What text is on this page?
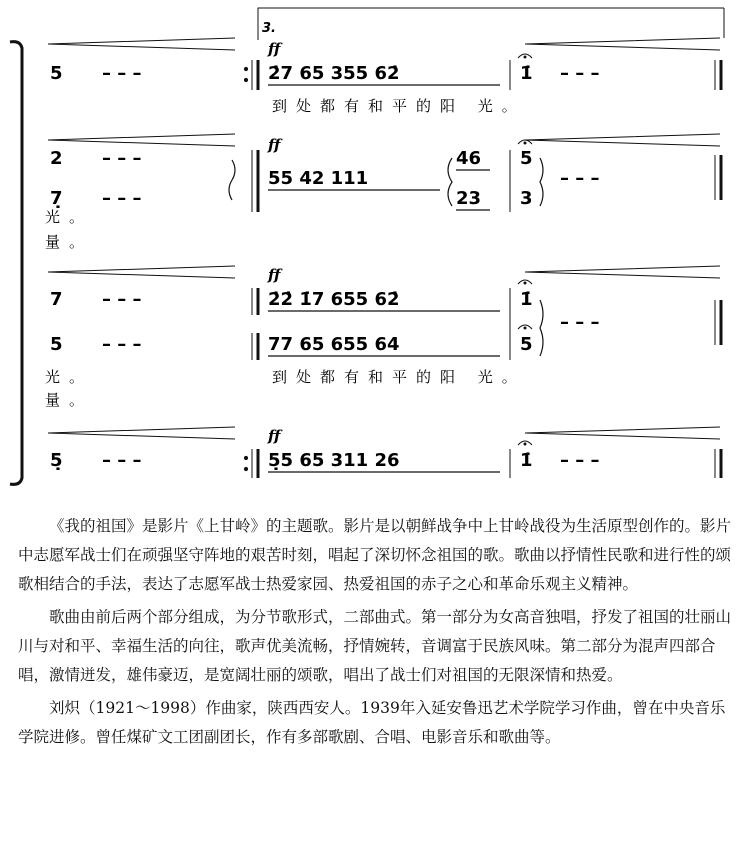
3.
ff
ff
ff
ff
5 – – –	2̇7 65 355 62̇	1̇ – – –
到处都有和平的阳 光。
2 – – –
7̣ – – –
55 42 111
46
23
5
3
– – –
光。
量。
7 – – –	2̇2̇ 1̇7 655 62̇	1̇
5 – – –	77 65 655 64	5
– – –
光。
量。
到处都有和平的阳 光。
5̣ – – –	5̣5 65 311 26	1̇ – – –

《我的祖国》是影片《上甘岭》的主题歌。影片是以朝鲜战争中上甘岭战役为生活原型创作的。影片中志愿军战士们在顽强坚守阵地的艰苦时刻，唱起了深切怀念祖国的歌。歌曲以抒情性民歌和进行性的颂歌相结合的手法，表达了志愿军战士热爱家园、热爱祖国的赤子之心和革命乐观主义精神。

歌曲由前后两个部分组成，为分节歌形式，二部曲式。第一部分为女高音独唱，抒发了祖国的壮丽山川与对和平、幸福生活的向往，歌声优美流畅，抒情婉转，音调富于民族风味。第二部分为混声四部合唱，激情迸发，雄伟豪迈，是宽阔壮丽的颂歌，唱出了战士们对祖国的无限深情和热爱。

刘炽（1921～1998）作曲家，陕西西安人。1939年入延安鲁迅艺术学院学习作曲，曾在中央音乐学院进修。曾任煤矿文工团副团长，作有多部歌剧、合唱、电影音乐和歌曲等。
